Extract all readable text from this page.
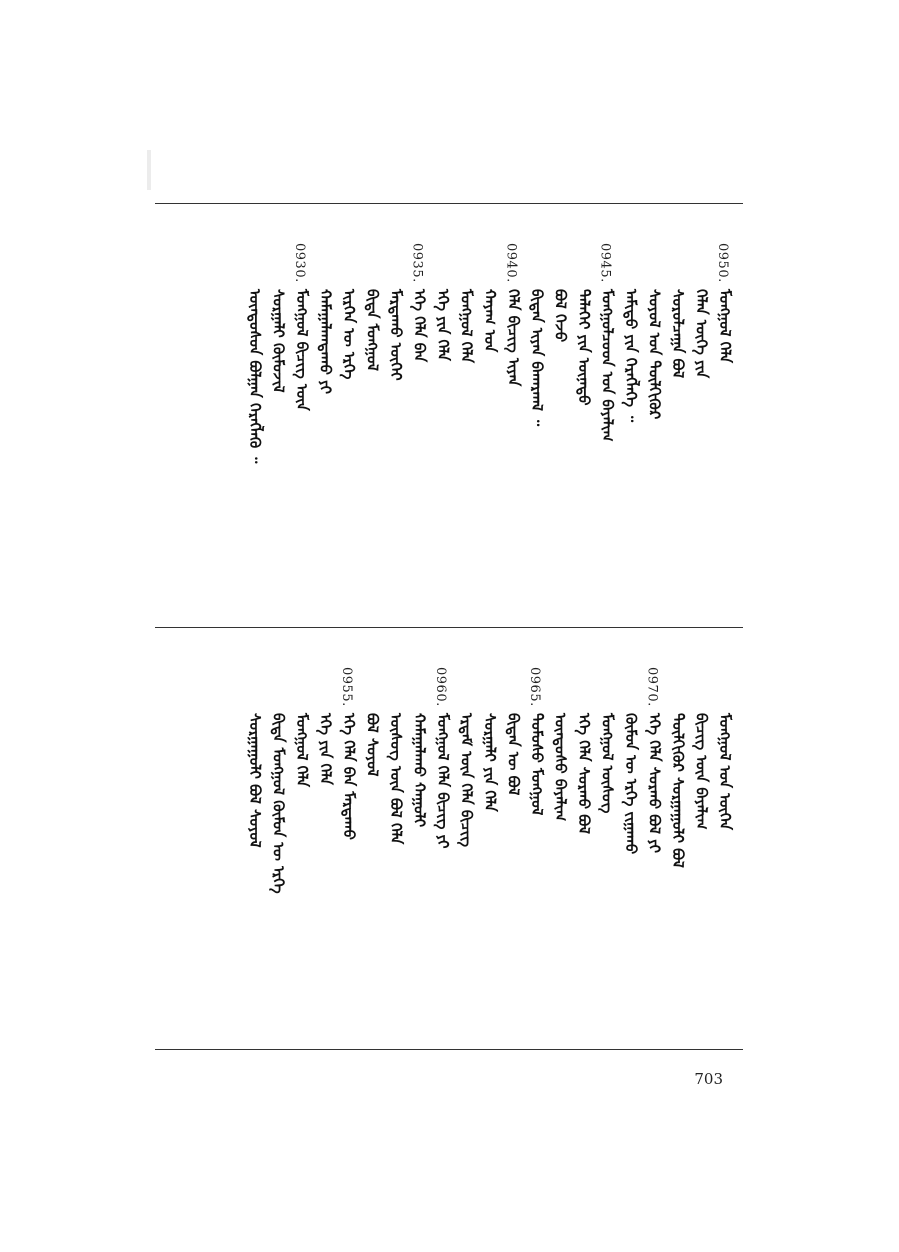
0950.
ᠮᠣᠩᠭᠣᠯ ᠬᠡᠯᠡ
ᠬᠡᠯᠡᠨ ᠦᠭᠡ ᠶᠢᠨ
ᠰᠤᠷᠤᠯᠴᠠᠭᠠ ᠪᠣᠯ
ᠰᠣᠶᠣᠯ ᠤᠨ ᠲᠦᠯᠬᠢᠭᠦᠷ
ᠠᠮᠢᠳᠤ ᠶᠢᠨ ᠬᠡᠷᠡᠭᠯᠡᠭᠡ ᠃
0945.
ᠮᠣᠩᠭᠣᠯᠴᠤᠳ ᠤᠨ ᠪᠠᠶᠠᠯᠢᠭ
ᠳᠡᠯᠡᠬᠡᠢ ᠶᠢᠨ ᠦᠨᠡᠲᠦ
ᠪᠣᠯ ᠭᠡᠵᠦ
ᠪᠢᠳᠡᠨ ᠢᠶᠡᠨ ᠪᠠᠬᠠᠷᠬᠠᠯ ᠃
0940.
ᠬᠡᠯᠡ ᠪᠢᠴᠢᠭ ᠢᠶᠡᠨ
ᠬᠠᠶᠠᠭ ᠤᠨ
ᠮᠣᠩᠭᠣᠯ ᠬᠡᠯᠡ
ᠡᠬᠡ ᠶᠢᠨ ᠬᠡᠯᠡ
0935.
ᠡᠬᠡ ᠬᠡᠯᠡ ᠪᠡᠨ
ᠮᠠᠷᠲᠠᠬᠤ ᠦᠭᠡᠢ
ᠪᠢᠳᠡ ᠮᠣᠩᠭᠣᠯ
ᠢᠷᠭᠡᠨ ᠦ ᠡᠷᠬᠡ
ᠬᠠᠮᠠᠭᠠᠯᠠᠭᠳᠠᠬᠤ ᠶᠢ
0930.
ᠮᠣᠩᠭᠣᠯ ᠪᠢᠴᠢᠭ ᠦᠨ
ᠰᠤᠷᠭᠠᠯᠢ ᠬᠦᠮᠦᠵᠢᠯ
ᠦᠨᠳᠦᠰᠦᠨ ᠪᠣᠯᠭᠠᠨ ᠬᠡᠷᠡᠭᠯᠡᠬᠦ ᠃
ᠮᠣᠩᠭᠣᠯ ᠤᠨ ᠦᠭᠡᠨ
ᠪᠢᠴᠢᠭ ᠦᠨ ᠪᠠᠶᠠᠯᠢᠭ
ᠲᠦᠯᠬᠢᠭᠦᠷ ᠰᠤᠷᠭᠠᠭᠤᠯᠢ ᠪᠣᠯ
0970.
ᠡᠬᠡ ᠬᠡᠯᠡ ᠰᠤᠷᠬᠤ ᠪᠣᠯ ᠶᠢ
ᠬᠦᠮᠦᠨ ᠦ ᠡᠷᠬᠡ ᠵᠢᠭᠠᠬᠤ
ᠮᠣᠩᠭᠣᠯ ᠦᠰᠦᠭ
ᠡᠬᠡ ᠬᠡᠯᠡ ᠰᠤᠷᠬᠤ ᠪᠣᠯ
ᠦᠨᠳᠦᠰᠦ ᠪᠠᠶᠠᠯᠢᠭ
0965.
ᠲᠤᠮᠤᠰᠤ ᠮᠣᠩᠭᠣᠯ
ᠪᠢᠳᠡᠨ ᠦ ᠪᠣᠯ
ᠰᠤᠷᠭᠠᠯᠢ ᠶᠢᠨ ᠬᠡᠯᠡ
ᠡᠷᠳᠡᠮ ᠦᠨ ᠬᠡᠯᠡ ᠪᠢᠴᠢᠭ
0960.
ᠮᠣᠩᠭᠣᠯ ᠬᠡᠯᠡ ᠪᠢᠴᠢᠭ ᠶᠢ
ᠬᠠᠮᠠᠭᠠᠯᠠᠬᠤ ᠬᠠᠭᠤᠯᠢ
ᠦᠰᠦᠭ ᠦᠨ ᠪᠣᠯ ᠬᠡᠯᠡ
ᠪᠣᠯ ᠰᠣᠶᠣᠯ
0955.
ᠡᠬᠡ ᠬᠡᠯᠡ ᠪᠡᠨ ᠮᠠᠷᠲᠠᠬᠤ
ᠡᠬᠡ ᠶᠢᠨ ᠬᠡᠯᠡ
ᠮᠣᠩᠭᠣᠯ ᠬᠡᠯᠡ
ᠪᠢᠳᠡ ᠮᠣᠩᠭᠣᠯ ᠬᠦᠮᠦᠨ ᠦ ᠡᠷᠬᠡ
ᠰᠤᠷᠭᠠᠭᠤᠯᠢ ᠪᠣᠯ ᠰᠣᠶᠣᠯ
703
